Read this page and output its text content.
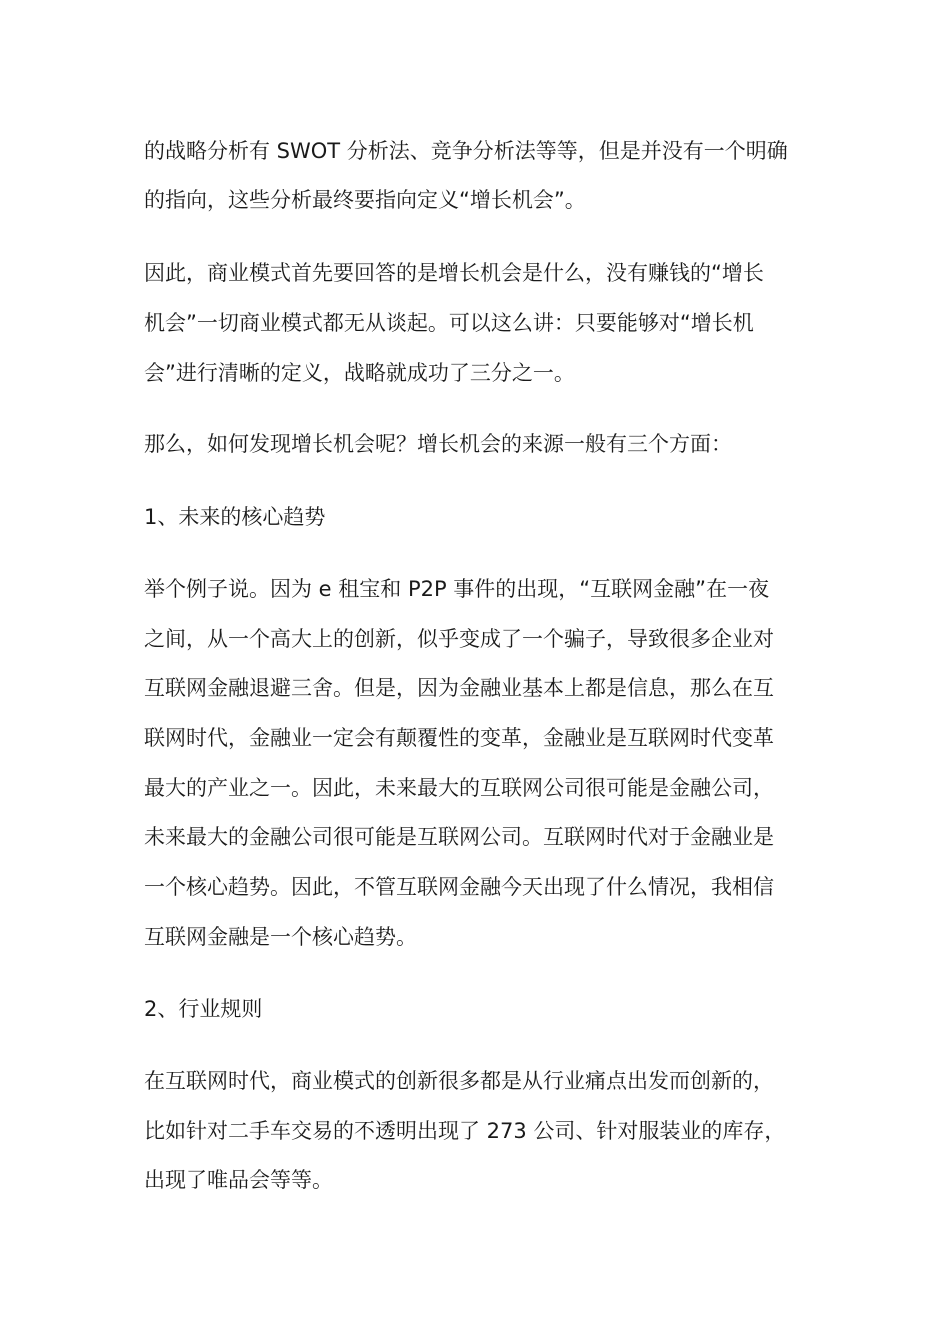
的战略分析有 SWOT 分析法、竞争分析法等等，但是并没有一个明确

的指向，这些分析最终要指向定义“增长机会”。

因此，商业模式首先要回答的是增长机会是什么，没有赚钱的“增长

机会”一切商业模式都无从谈起。可以这么讲：只要能够对“增长机

会”进行清晰的定义，战略就成功了三分之一。

那么，如何发现增长机会呢？增长机会的来源一般有三个方面：

1、未来的核心趋势

举个例子说。因为 e 租宝和 P2P 事件的出现，“互联网金融”在一夜

之间，从一个高大上的创新，似乎变成了一个骗子，导致很多企业对

互联网金融退避三舍。但是，因为金融业基本上都是信息，那么在互

联网时代，金融业一定会有颠覆性的变革，金融业是互联网时代变革

最大的产业之一。因此，未来最大的互联网公司很可能是金融公司，

未来最大的金融公司很可能是互联网公司。互联网时代对于金融业是

一个核心趋势。因此，不管互联网金融今天出现了什么情况，我相信

互联网金融是一个核心趋势。

2、行业规则

在互联网时代，商业模式的创新很多都是从行业痛点出发而创新的，

比如针对二手车交易的不透明出现了 273 公司、针对服装业的库存，

出现了唯品会等等。
